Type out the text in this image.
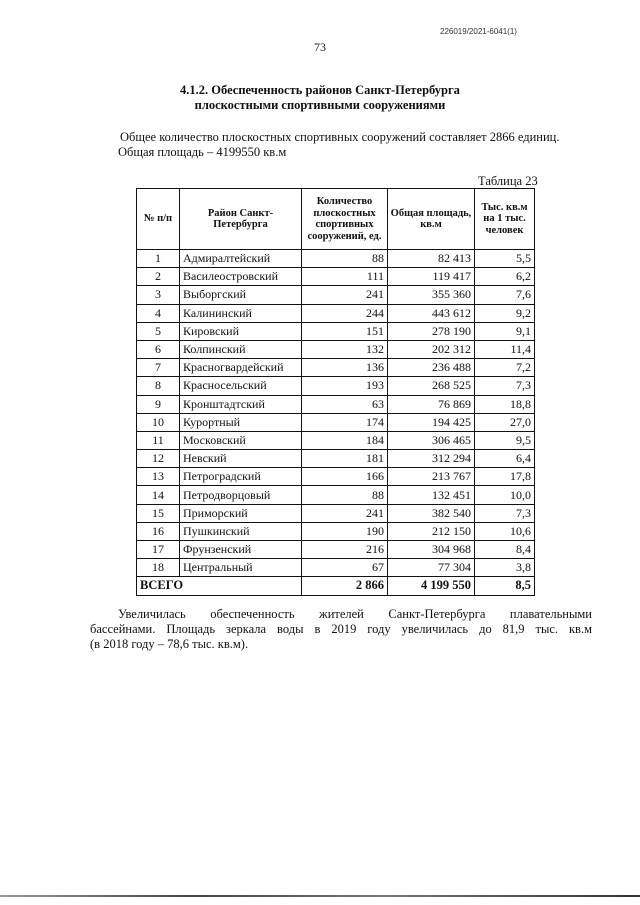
226019/2021-6041(1)
73
4.1.2. Обеспеченность районов Санкт-Петербурга
плоскостными спортивными сооружениями
Общее количество плоскостных спортивных сооружений составляет 2866 единиц.
Общая площадь – 4199550 кв.м
Таблица 23
№ п/п	Район Санкт-Петербурга	Количество плоскостных спортивных сооружений, ед.	Общая площадь, кв.м	Тыс. кв.м на 1 тыс. человек
1	Адмиралтейский	88	82 413	5,5
2	Василеостровский	111	119 417	6,2
3	Выборгский	241	355 360	7,6
4	Калининский	244	443 612	9,2
5	Кировский	151	278 190	9,1
6	Колпинский	132	202 312	11,4
7	Красногвардейский	136	236 488	7,2
8	Красносельский	193	268 525	7,3
9	Кронштадтский	63	76 869	18,8
10	Курортный	174	194 425	27,0
11	Московский	184	306 465	9,5
12	Невский	181	312 294	6,4
13	Петроградский	166	213 767	17,8
14	Петродворцовый	88	132 451	10,0
15	Приморский	241	382 540	7,3
16	Пушкинский	190	212 150	10,6
17	Фрунзенский	216	304 968	8,4
18	Центральный	67	77 304	3,8
ВСЕГО		2 866	4 199 550	8,5
Увеличилась обеспеченность жителей Санкт-Петербурга плавательными
бассейнами. Площадь зеркала воды в 2019 году увеличилась до 81,9 тыс. кв.м
(в 2018 году – 78,6 тыс. кв.м).
